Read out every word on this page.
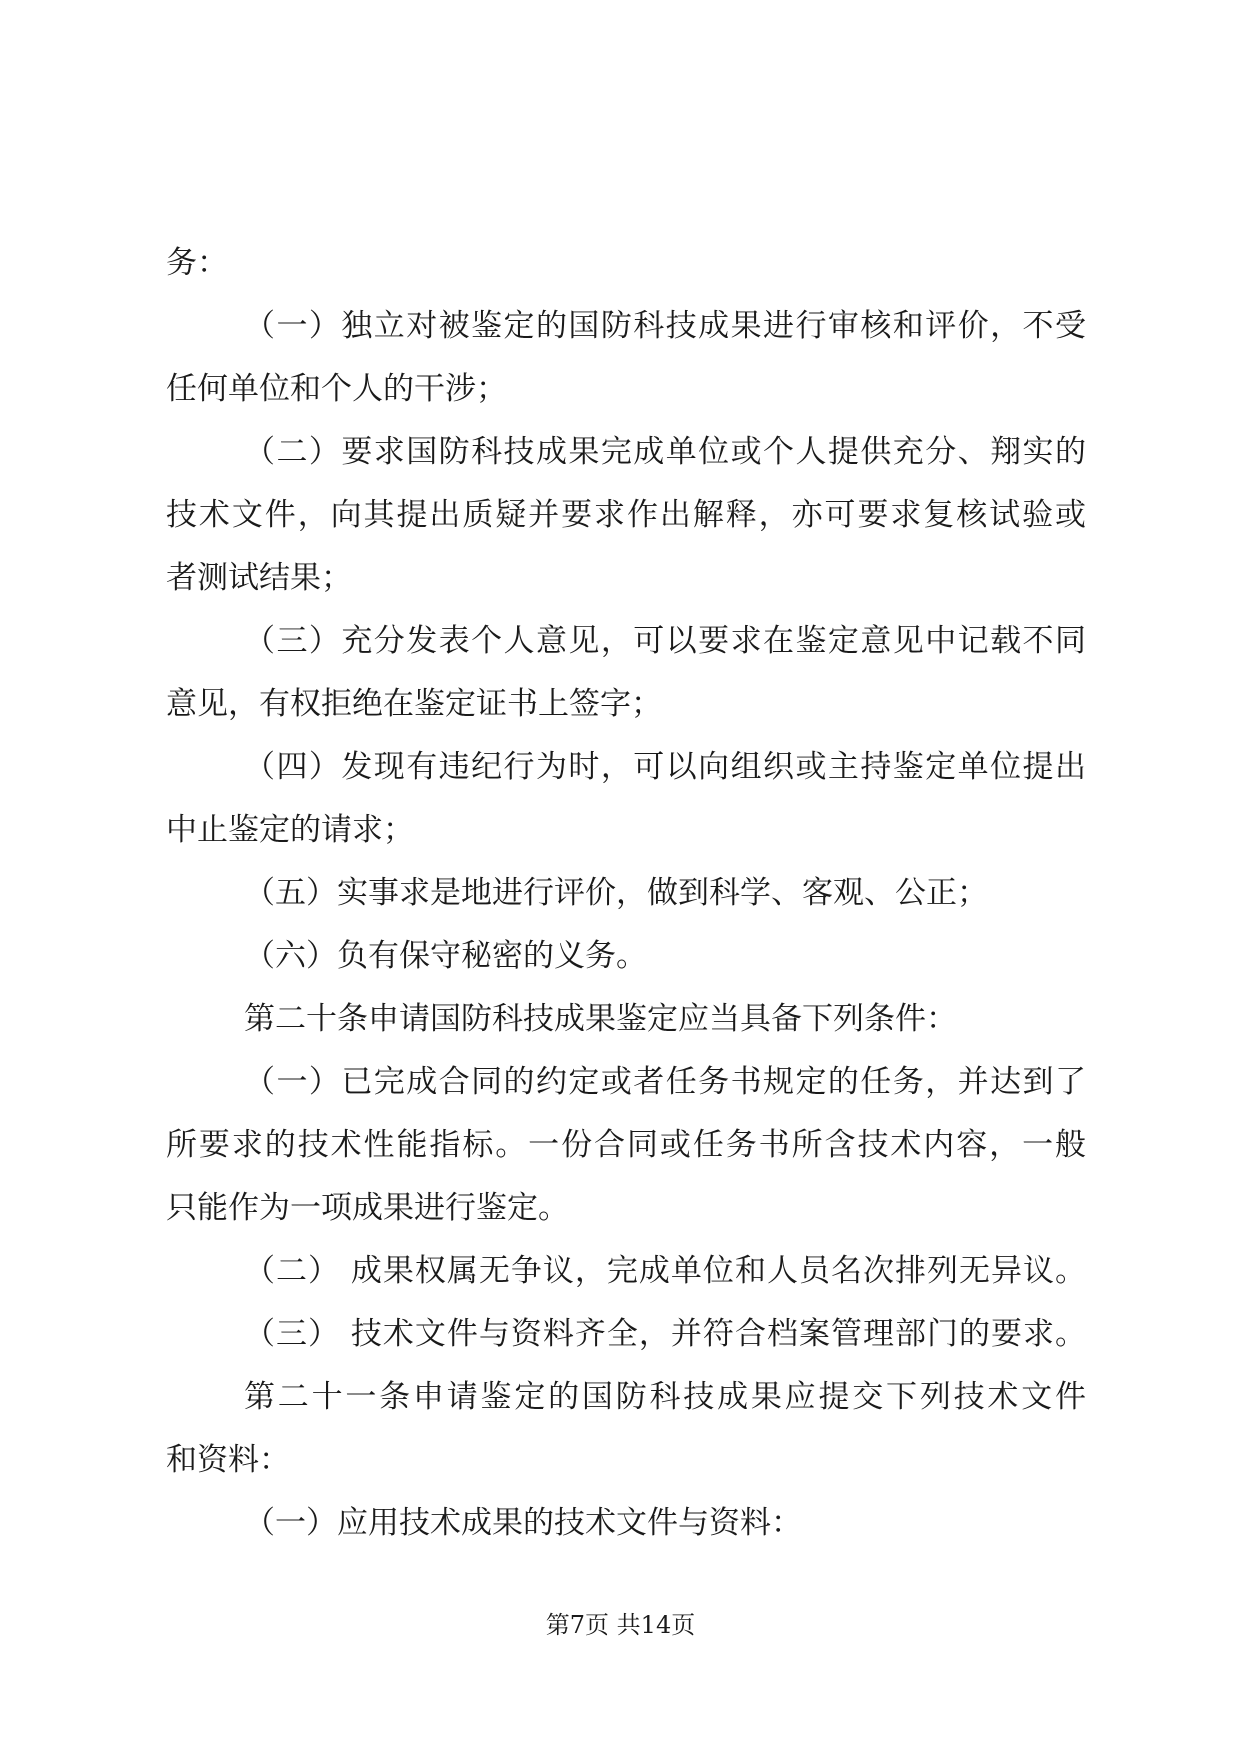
务：
（一）独立对被鉴定的国防科技成果进行审核和评价，不受
任何单位和个人的干涉；
（二）要求国防科技成果完成单位或个人提供充分、翔实的
技术文件，向其提出质疑并要求作出解释，亦可要求复核试验或
者测试结果；
（三）充分发表个人意见，可以要求在鉴定意见中记载不同
意见，有权拒绝在鉴定证书上签字；
（四）发现有违纪行为时，可以向组织或主持鉴定单位提出
中止鉴定的请求；
（五）实事求是地进行评价，做到科学、客观、公正；
（六）负有保守秘密的义务。
第二十条申请国防科技成果鉴定应当具备下列条件：
（一）已完成合同的约定或者任务书规定的任务，并达到了
所要求的技术性能指标。一份合同或任务书所含技术内容，一般
只能作为一项成果进行鉴定。
（二） 成果权属无争议，完成单位和人员名次排列无异议。
（三） 技术文件与资料齐全，并符合档案管理部门的要求。
第二十一条申请鉴定的国防科技成果应提交下列技术文件
和资料：
（一）应用技术成果的技术文件与资料：
第7页 共14页
